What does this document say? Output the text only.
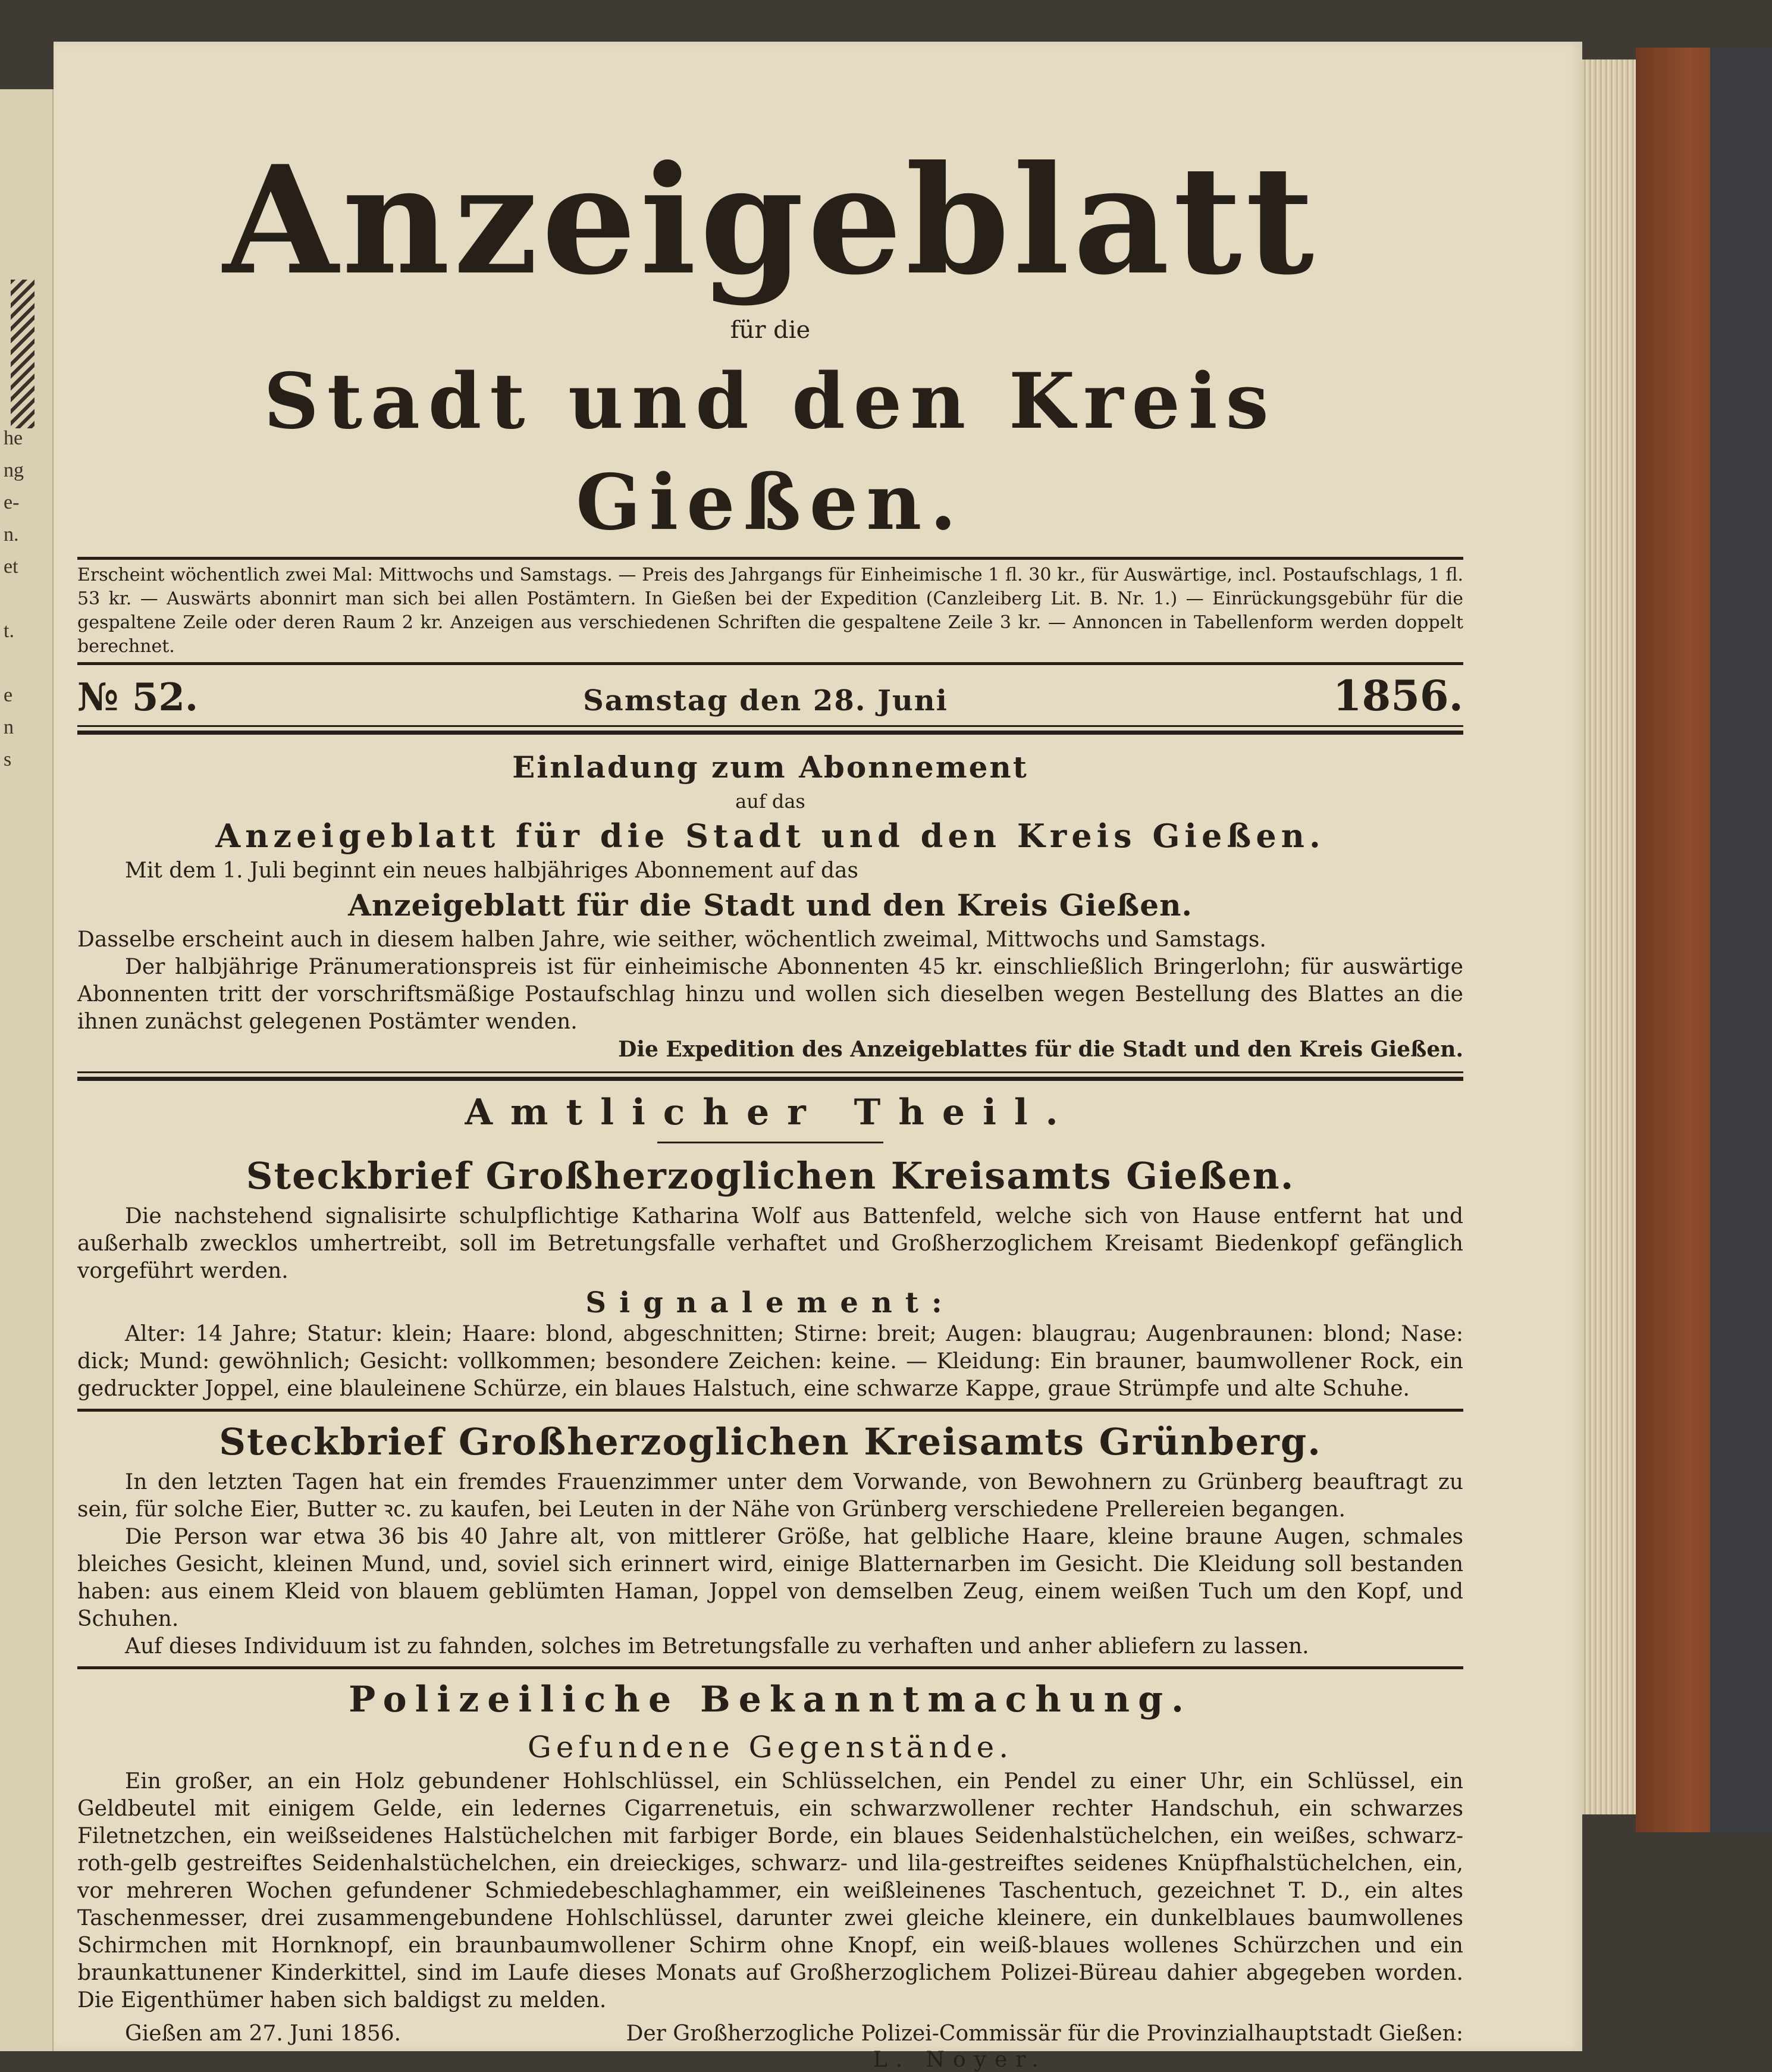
he
ng
e-
n.
et

t.

e
n
s
Anzeigeblatt
für die
Stadt und den Kreis Gießen.
Erscheint wöchentlich zwei Mal: Mittwochs und Samstags. — Preis des Jahrgangs für Einheimische 1 fl. 30 kr., für Auswärtige, incl. Postaufschlags, 1 fl. 53 kr. — Auswärts abonnirt man sich bei allen Postämtern. In Gießen bei der Expedition (Canzleiberg Lit. B. Nr. 1.) — Einrückungsgebühr für die gespaltene Zeile oder deren Raum 2 kr. Anzeigen aus verschiedenen Schriften die gespaltene Zeile 3 kr. — Annoncen in Tabellenform werden doppelt berechnet.
№ 52.	Samstag den 28. Juni	1856.
Einladung zum Abonnement
auf das
Anzeigeblatt für die Stadt und den Kreis Gießen.
Mit dem 1. Juli beginnt ein neues halbjähriges Abonnement auf das
Anzeigeblatt für die Stadt und den Kreis Gießen.
Dasselbe erscheint auch in diesem halben Jahre, wie seither, wöchentlich zweimal, Mittwochs und Samstags.
Der halbjährige Pränumerationspreis ist für einheimische Abonnenten 45 kr. einschließlich Bringerlohn; für auswärtige Abonnenten tritt der vorschriftsmäßige Postaufschlag hinzu und wollen sich dieselben wegen Bestellung des Blattes an die ihnen zunächst gelegenen Postämter wenden.
Die Expedition des Anzeigeblattes für die Stadt und den Kreis Gießen.
Amtlicher Theil.
Steckbrief Großherzoglichen Kreisamts Gießen.
Die nachstehend signalisirte schulpflichtige Katharina Wolf aus Battenfeld, welche sich von Hause entfernt hat und außerhalb zwecklos umhertreibt, soll im Betretungsfalle verhaftet und Großherzoglichem Kreisamt Biedenkopf gefänglich vorgeführt werden.
Signalement:
Alter: 14 Jahre; Statur: klein; Haare: blond, abgeschnitten; Stirne: breit; Augen: blaugrau; Augenbraunen: blond; Nase: dick; Mund: gewöhnlich; Gesicht: vollkommen; besondere Zeichen: keine. — Kleidung: Ein brauner, baumwollener Rock, ein gedruckter Joppel, eine blauleinene Schürze, ein blaues Halstuch, eine schwarze Kappe, graue Strümpfe und alte Schuhe.
Steckbrief Großherzoglichen Kreisamts Grünberg.
In den letzten Tagen hat ein fremdes Frauenzimmer unter dem Vorwande, von Bewohnern zu Grünberg beauftragt zu sein, für solche Eier, Butter ꝛc. zu kaufen, bei Leuten in der Nähe von Grünberg verschiedene Prellereien begangen.
Die Person war etwa 36 bis 40 Jahre alt, von mittlerer Größe, hat gelbliche Haare, kleine braune Augen, schmales bleiches Gesicht, kleinen Mund, und, soviel sich erinnert wird, einige Blatternarben im Gesicht. Die Kleidung soll bestanden haben: aus einem Kleid von blauem geblümten Haman, Joppel von demselben Zeug, einem weißen Tuch um den Kopf, und Schuhen.
Auf dieses Individuum ist zu fahnden, solches im Betretungsfalle zu verhaften und anher abliefern zu lassen.
Polizeiliche Bekanntmachung.
Gefundene Gegenstände.
Ein großer, an ein Holz gebundener Hohlschlüssel, ein Schlüsselchen, ein Pendel zu einer Uhr, ein Schlüssel, ein Geldbeutel mit einigem Gelde, ein ledernes Cigarrenetuis, ein schwarzwollener rechter Handschuh, ein schwarzes Filetnetzchen, ein weißseidenes Halstüchelchen mit farbiger Borde, ein blaues Seidenhalstüchelchen, ein weißes, schwarz-roth-gelb gestreiftes Seidenhalstüchelchen, ein dreieckiges, schwarz- und lila-gestreiftes seidenes Knüpfhalstüchelchen, ein, vor mehreren Wochen gefundener Schmiedebeschlaghammer, ein weißleinenes Taschentuch, gezeichnet T. D., ein altes Taschenmesser, drei zusammengebundene Hohlschlüssel, darunter zwei gleiche kleinere, ein dunkelblaues baumwollenes Schirmchen mit Hornknopf, ein braunbaumwollener Schirm ohne Knopf, ein weiß-blaues wollenes Schürzchen und ein braunkattunener Kinderkittel, sind im Laufe dieses Monats auf Großherzoglichem Polizei-Büreau dahier abgegeben worden. Die Eigenthümer haben sich baldigst zu melden.
Gießen am 27. Juni 1856.	Der Großherzogliche Polizei-Commissär für die Provinzialhauptstadt Gießen:
L. Noyer.
